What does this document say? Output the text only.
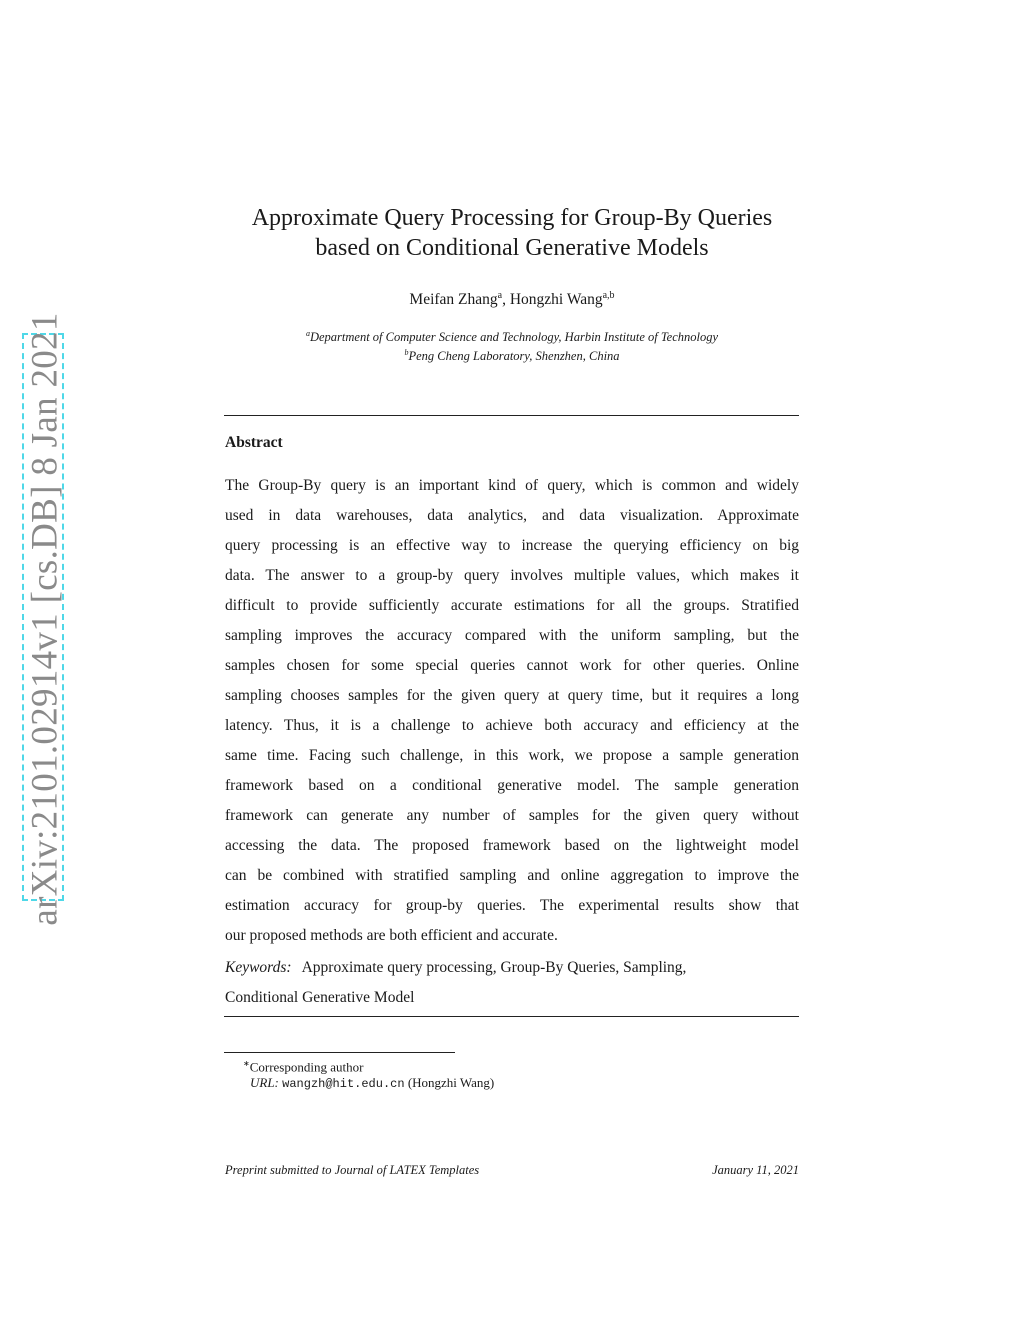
arXiv:2101.02914v1 [cs.DB] 8 Jan 2021
Approximate Query Processing for Group-By Queries
based on Conditional Generative Models
Meifan Zhang$^a$, Hongzhi Wang$^{a,b}$
$^a$Department of Computer Science and Technology, Harbin Institute of Technology
$^b$Peng Cheng Laboratory, Shenzhen, China
Abstract
The Group-By query is an important kind of query, which is common and widely
used in data warehouses, data analytics, and data visualization. Approximate
query processing is an effective way to increase the querying efficiency on big
data. The answer to a group-by query involves multiple values, which makes it
difficult to provide sufficiently accurate estimations for all the groups. Stratified
sampling improves the accuracy compared with the uniform sampling, but the
samples chosen for some special queries cannot work for other queries. Online
sampling chooses samples for the given query at query time, but it requires a long
latency. Thus, it is a challenge to achieve both accuracy and efficiency at the
same time. Facing such challenge, in this work, we propose a sample generation
framework based on a conditional generative model. The sample generation
framework can generate any number of samples for the given query without
accessing the data. The proposed framework based on the lightweight model
can be combined with stratified sampling and online aggregation to improve the
estimation accuracy for group-by queries. The experimental results show that
our proposed methods are both efficient and accurate.
Keywords: Approximate query processing, Group-By Queries, Sampling,
Conditional Generative Model
∗Corresponding author
URL: wangzh@hit.edu.cn (Hongzhi Wang)
Preprint submitted to Journal of LATEX Templates	January 11, 2021
